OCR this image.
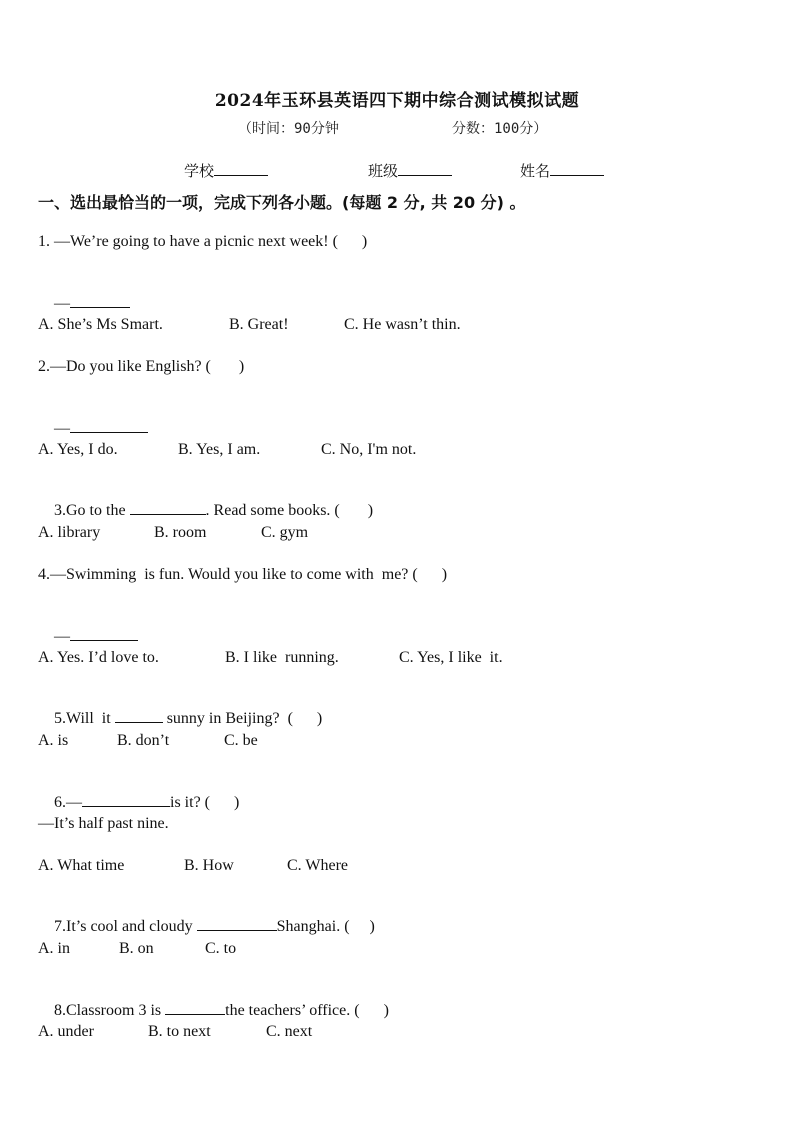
2024年玉环县英语四下期中综合测试模拟试题
（时间：90分钟	分数：100分）
学校	班级	姓名
一、选出最恰当的一项，完成下列各小题。(每题 2 分, 共 20 分) 。
1. —We’re going to have a picnic next week! (      )

—

A. She’s Ms Smart.	B. Great!	C. He wasn’t thin.
2.—Do you like English? (       )

—

A. Yes, I do.	B. Yes, I am.	C. No, I'm not.

3.Go to the	. Read some books. (       )

A. library	B. room	C. gym
4.—Swimming  is fun. Would you like to come with  me? (      )

—

A. Yes. I’d love to.	B. I like  running.	C. Yes, I like  it.

5.Will  it	sunny in Beijing?  (      )

A. is	B. don’t	C. be

6.—	is it? (      )

—It’s half past nine.
A. What time	B. How	C. Where

7.It’s cool and cloudy	Shanghai. (     )

A. in	B. on	C. to

8.Classroom 3 is	the teachers’ office. (      )

A. under	B. to next	C. next
